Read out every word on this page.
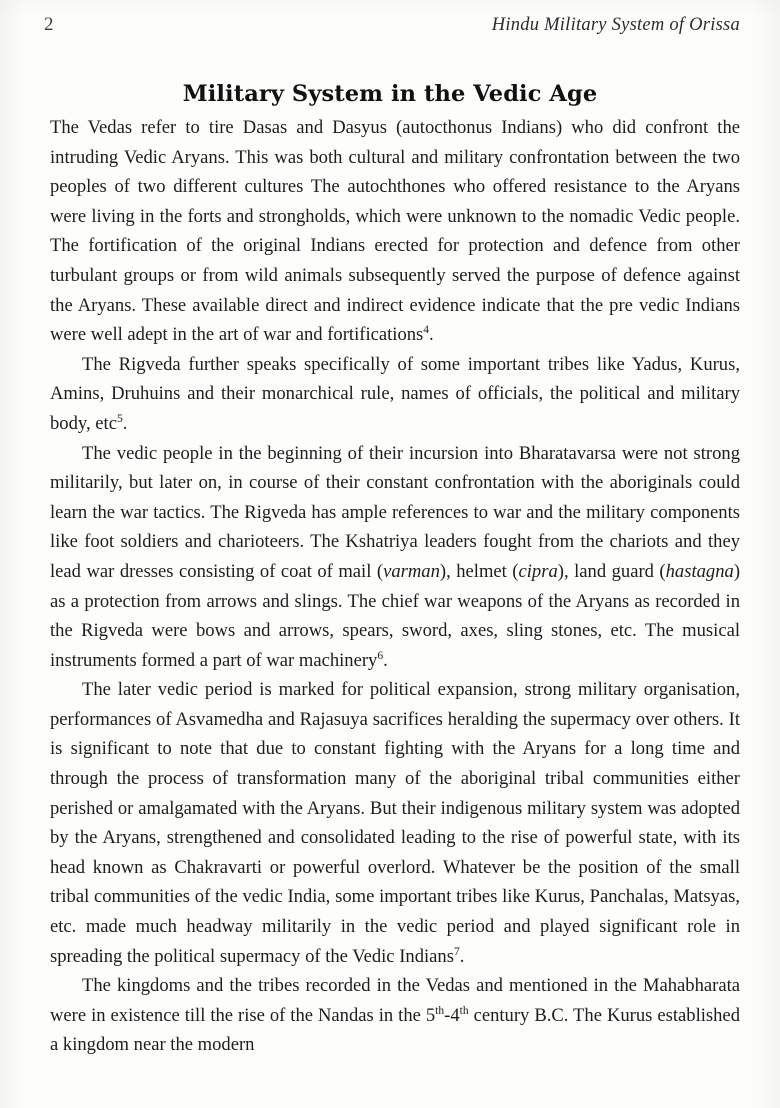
2	Hindu Military System of Orissa
Military System in the Vedic Age

The Vedas refer to tire Dasas and Dasyus (autocthonus Indians) who did confront the intruding Vedic Aryans. This was both cultural and military confrontation between the two peoples of two different cultures The autochthones who offered resistance to the Aryans were living in the forts and strongholds, which were unknown to the nomadic Vedic people. The fortification of the original Indians erected for protection and defence from other turbulant groups or from wild animals subsequently served the purpose of defence against the Aryans. These available direct and indirect evidence indicate that the pre vedic Indians were well adept in the art of war and fortifications$^4$.

The Rigveda further speaks specifically of some important tribes like Yadus, Kurus, Amins, Druhuins and their monarchical rule, names of officials, the political and military body, etc$^5$.

The vedic people in the beginning of their incursion into Bharatavarsa were not strong militarily, but later on, in course of their constant confrontation with the aboriginals could learn the war tactics. The Rigveda has ample references to war and the military components like foot soldiers and charioteers. The Kshatriya leaders fought from the chariots and they lead war dresses consisting of coat of mail (varman), helmet (cipra), land guard (hastagna) as a protection from arrows and slings. The chief war weapons of the Aryans as recorded in the Rigveda were bows and arrows, spears, sword, axes, sling stones, etc. The musical instruments formed a part of war machinery$^6$.

The later vedic period is marked for political expansion, strong military organisation, performances of Asvamedha and Rajasuya sacrifices heralding the supermacy over others. It is significant to note that due to constant fighting with the Aryans for a long time and through the process of transformation many of the aboriginal tribal communities either perished or amalgamated with the Aryans. But their indigenous military system was adopted by the Aryans, strengthened and consolidated leading to the rise of powerful state, with its head known as Chakravarti or powerful overlord. Whatever be the position of the small tribal communities of the vedic India, some important tribes like Kurus, Panchalas, Matsyas, etc. made much headway militarily in the vedic period and played significant role in spreading the political supermacy of the Vedic Indians$^7$.

The kingdoms and the tribes recorded in the Vedas and mentioned in the Mahabharata were in existence till the rise of the Nandas in the 5th-4th century B.C. The Kurus established a kingdom near the modern
